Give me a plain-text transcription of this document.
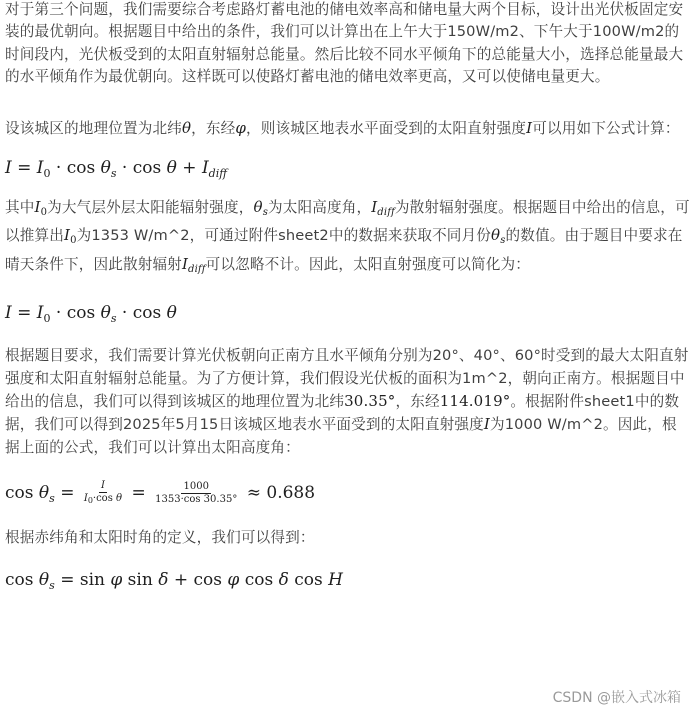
对于第三个问题，我们需要综合考虑路灯蓄电池的储电效率高和储电量大两个目标，设计出光伏板固定安装的最优朝向。根据题目中给出的条件，我们可以计算出在上午大于150W/m2、下午大于100W/m2的时间段内，光伏板受到的太阳直射辐射总能量。然后比较不同水平倾角下的总能量大小，选择总能量最大的水平倾角作为最优朝向。这样既可以使路灯蓄电池的储电效率更高，又可以使储电量更大。

设该城区的地理位置为北纬θ，东经φ，则该城区地表水平面受到的太阳直射强度I可以用如下公式计算：

$I = I_0 \cdot \cos \theta_s \cdot \cos \theta + I_{diff}$

其中$I_0$为大气层外层太阳能辐射强度，$\theta_s$为太阳高度角，$I_{diff}$为散射辐射强度。根据题目中给出的信息，可以推算出$I_0$为1353 W/m^2，可通过附件sheet2中的数据来获取不同月份$\theta_s$的数值。由于题目中要求在晴天条件下，因此散射辐射$I_{diff}$可以忽略不计。因此，太阳直射强度可以简化为：

$I = I_0 \cdot \cos \theta_s \cdot \cos \theta$

根据题目要求，我们需要计算光伏板朝向正南方且水平倾角分别为20°、40°、60°时受到的最大太阳直射强度和太阳直射辐射总能量。为了方便计算，我们假设光伏板的面积为1m^2，朝向正南方。根据题目中给出的信息，我们可以得到该城区的地理位置为北纬30.35°，东经114.019°。根据附件sheet1中的数据，我们可以得到2025年5月15日该城区地表水平面受到的太阳直射强度I为1000 W/m^2。因此，根据上面的公式，我们可以计算出太阳高度角：

$\cos \theta_s = \frac{I}{I_0\cdot\cos \theta} = \frac{1000}{1353\cdot\cos 30.35^\circ} \approx 0.688$

根据赤纬角和太阳时角的定义，我们可以得到：

$\cos \theta_s = \sin \varphi$ sin δ + cos φ cos δ cos H
CSDN @嵌入式冰箱
